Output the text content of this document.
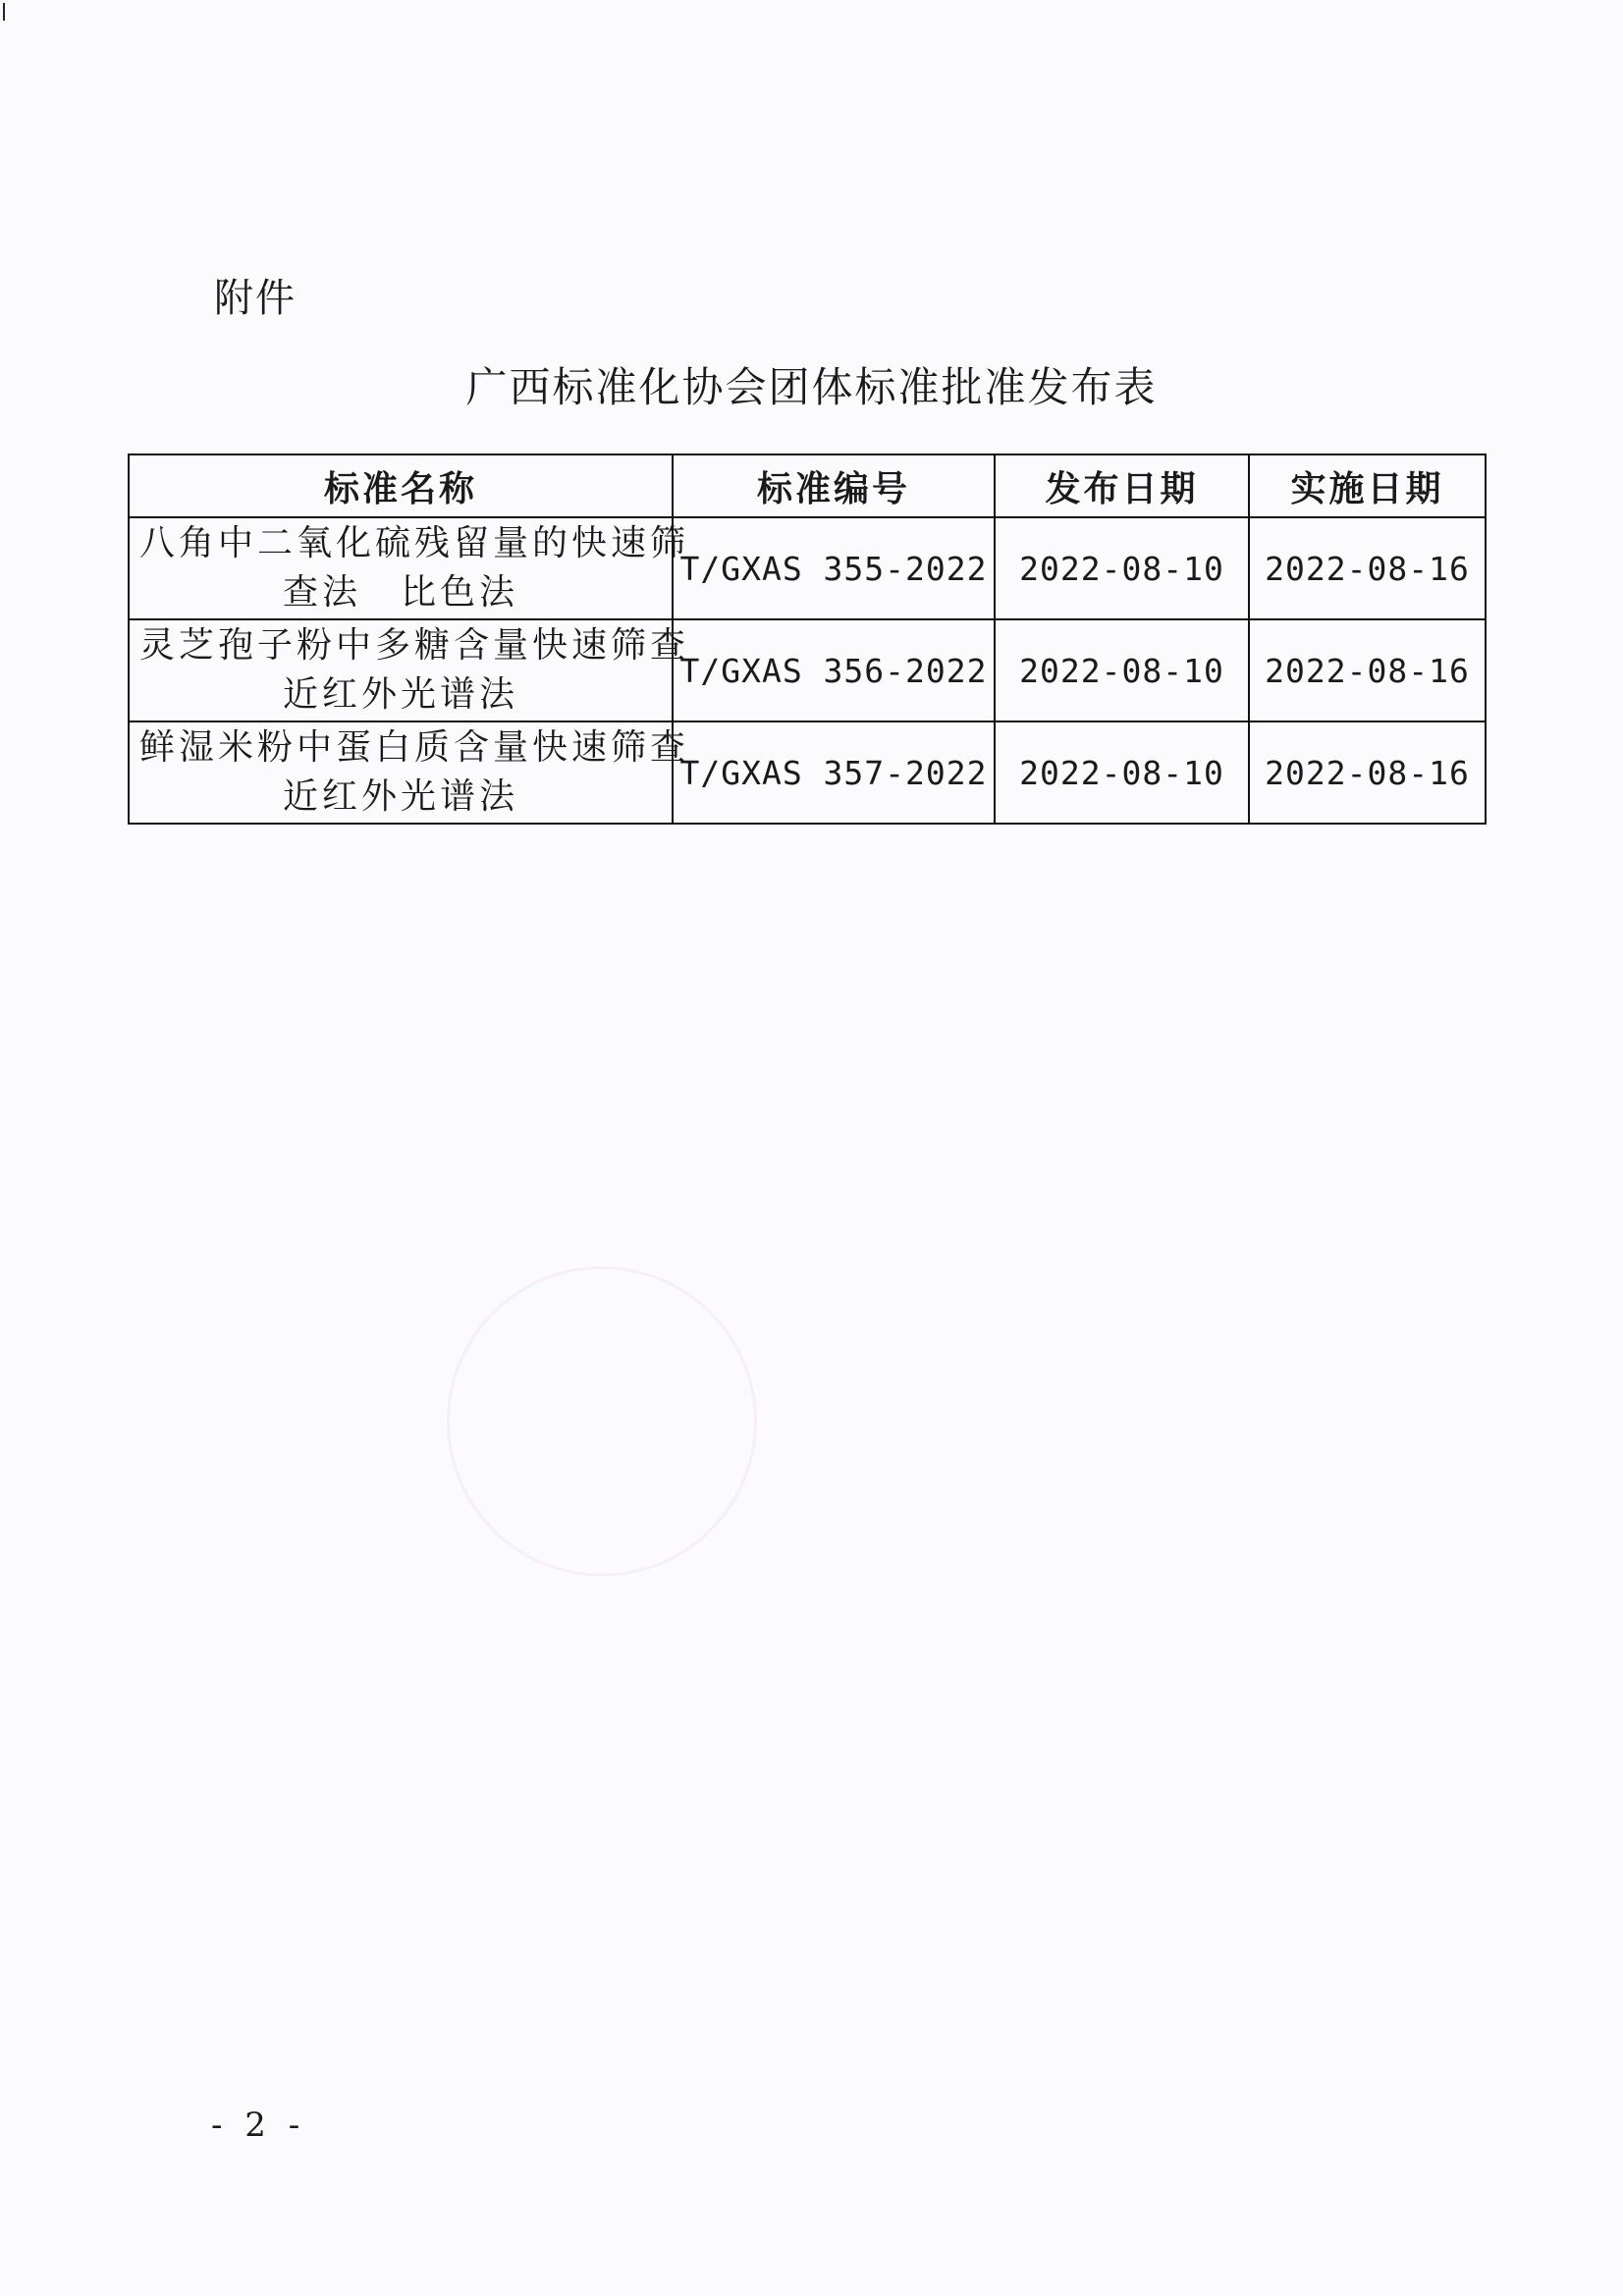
附件
广西标准化协会团体标准批准发布表
标准名称	标准编号	发布日期	实施日期

八角中二氧化硫残留量的快速筛
查法　比色法	T/GXAS 355-2022	2022-08-10	2022-08-16

灵芝孢子粉中多糖含量快速筛查
近红外光谱法	T/GXAS 356-2022	2022-08-10	2022-08-16

鲜湿米粉中蛋白质含量快速筛查
近红外光谱法	T/GXAS 357-2022	2022-08-10	2022-08-16
- 2 -
